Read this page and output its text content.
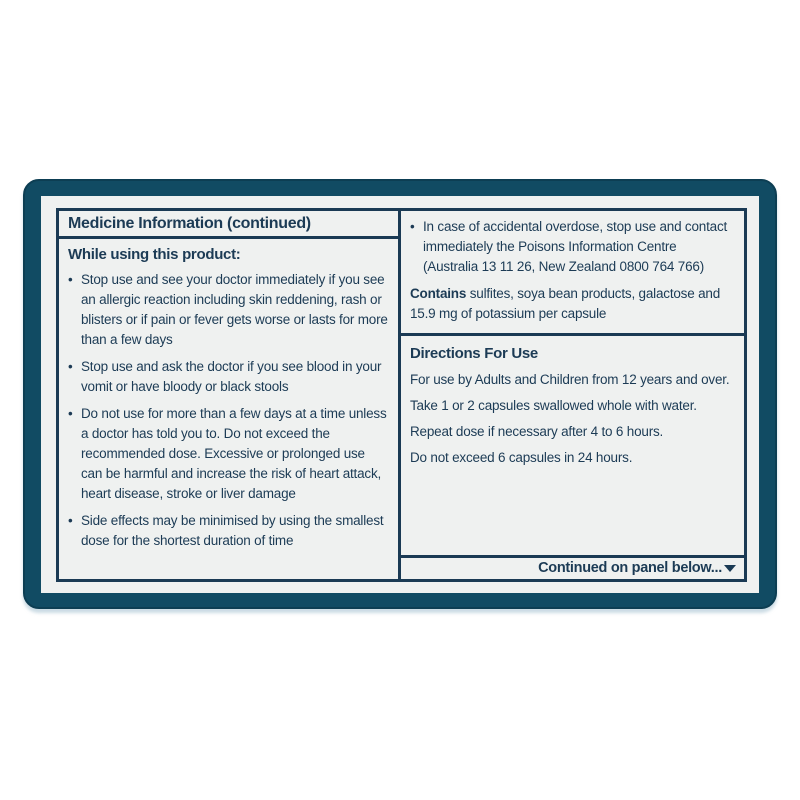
Medicine Information (continued)
While using this product:
• Stop use and see your doctor immediately if you see an allergic reaction including skin reddening, rash or blisters or if pain or fever gets worse or lasts for more than a few days
• Stop use and ask the doctor if you see blood in your vomit or have bloody or black stools
• Do not use for more than a few days at a time unless a doctor has told you to. Do not exceed the recommended dose. Excessive or prolonged use can be harmful and increase the risk of heart attack, heart disease, stroke or liver damage
• Side effects may be minimised by using the smallest dose for the shortest duration of time
• In case of accidental overdose, stop use and contact immediately the Poisons Information Centre (Australia 13 11 26, New Zealand 0800 764 766)

Contains sulfites, soya bean products, galactose and 15.9 mg of potassium per capsule

Directions For Use
For use by Adults and Children from 12 years and over.
Take 1 or 2 capsules swallowed whole with water.
Repeat dose if necessary after 4 to 6 hours.
Do not exceed 6 capsules in 24 hours.
Continued on panel below...
